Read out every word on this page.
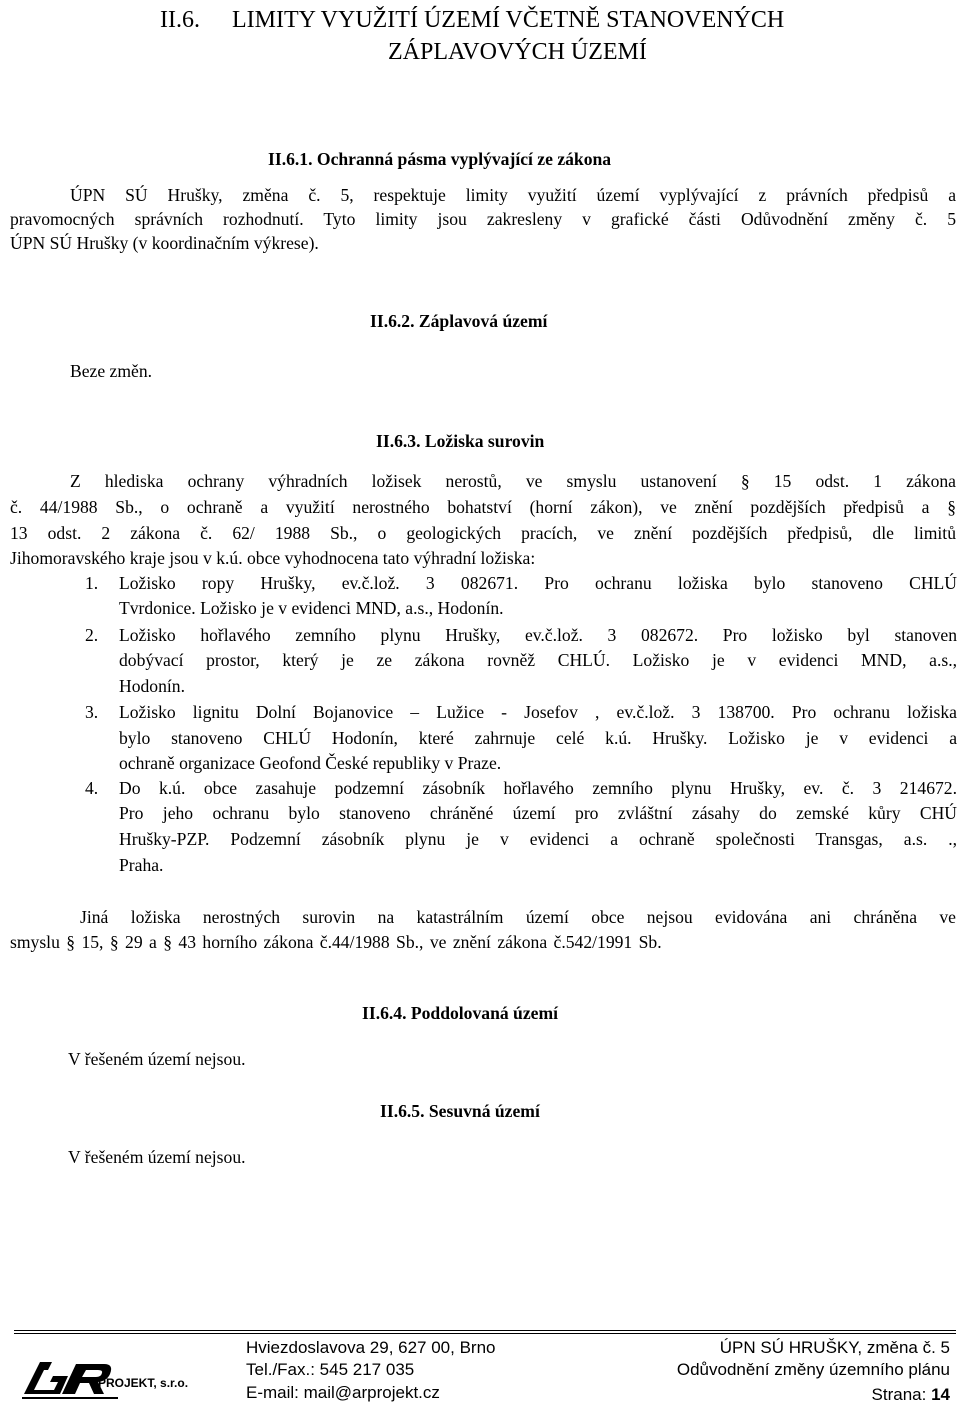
II.6. LIMITY VYUŽITÍ ÚZEMÍ VČETNĚ STANOVENÝCH
ZÁPLAVOVÝCH ÚZEMÍ
II.6.1. Ochranná pásma vyplývající ze zákona
ÚPN SÚ Hrušky, změna č. 5, respektuje limity využití území vyplývající z právních předpisů a
pravomocných správních rozhodnutí. Tyto limity jsou zakresleny v grafické části Odůvodnění změny č. 5
ÚPN SÚ Hrušky (v koordinačním výkrese).
II.6.2. Záplavová území
Beze změn.
II.6.3. Ložiska surovin
Z hlediska ochrany výhradních ložisek nerostů, ve smyslu ustanovení § 15 odst. 1 zákona
č. 44/1988 Sb., o ochraně a využití nerostného bohatství (horní zákon), ve znění pozdějších předpisů a §
13 odst. 2 zákona č. 62/ 1988 Sb., o geologických pracích, ve znění pozdějších předpisů, dle limitů
Jihomoravského kraje jsou v k.ú. obce vyhodnocena tato výhradní ložiska:
1. Ložisko ropy Hrušky, ev.č.lož. 3 082671. Pro ochranu ložiska bylo stanoveno CHLÚ
Tvrdonice. Ložisko je v evidenci MND, a.s., Hodonín.
2. Ložisko hořlavého zemního plynu Hrušky, ev.č.lož. 3 082672. Pro ložisko byl stanoven
dobývací prostor, který je ze zákona rovněž CHLÚ. Ložisko je v evidenci MND, a.s.,
Hodonín.
3. Ložisko lignitu Dolní Bojanovice – Lužice - Josefov , ev.č.lož. 3 138700. Pro ochranu ložiska
bylo stanoveno CHLÚ Hodonín, které zahrnuje celé k.ú. Hrušky. Ložisko je v evidenci a
ochraně organizace Geofond České republiky v Praze.
4. Do k.ú. obce zasahuje podzemní zásobník hořlavého zemního plynu Hrušky, ev. č. 3 214672.
Pro jeho ochranu bylo stanoveno chráněné území pro zvláštní zásahy do zemské kůry CHÚ
Hrušky-PZP. Podzemní zásobník plynu je v evidenci a ochraně společnosti Transgas, a.s. .,
Praha.
Jiná ložiska nerostných surovin na katastrálním území obce nejsou evidována ani chráněna ve
smyslu § 15, § 29 a § 43 horního zákona č.44/1988 Sb., ve znění zákona č.542/1991 Sb.
II.6.4. Poddolovaná území
V řešeném území nejsou.
II.6.5. Sesuvná území
V řešeném území nejsou.
PROJEKT, s.r.o.
Hviezdoslavova 29, 627 00, Brno
Tel./Fax.: 545 217 035
E-mail: mail@arprojekt.cz
ÚPN SÚ HRUŠKY, změna č. 5
Odůvodnění změny územního plánu
Strana: 14
